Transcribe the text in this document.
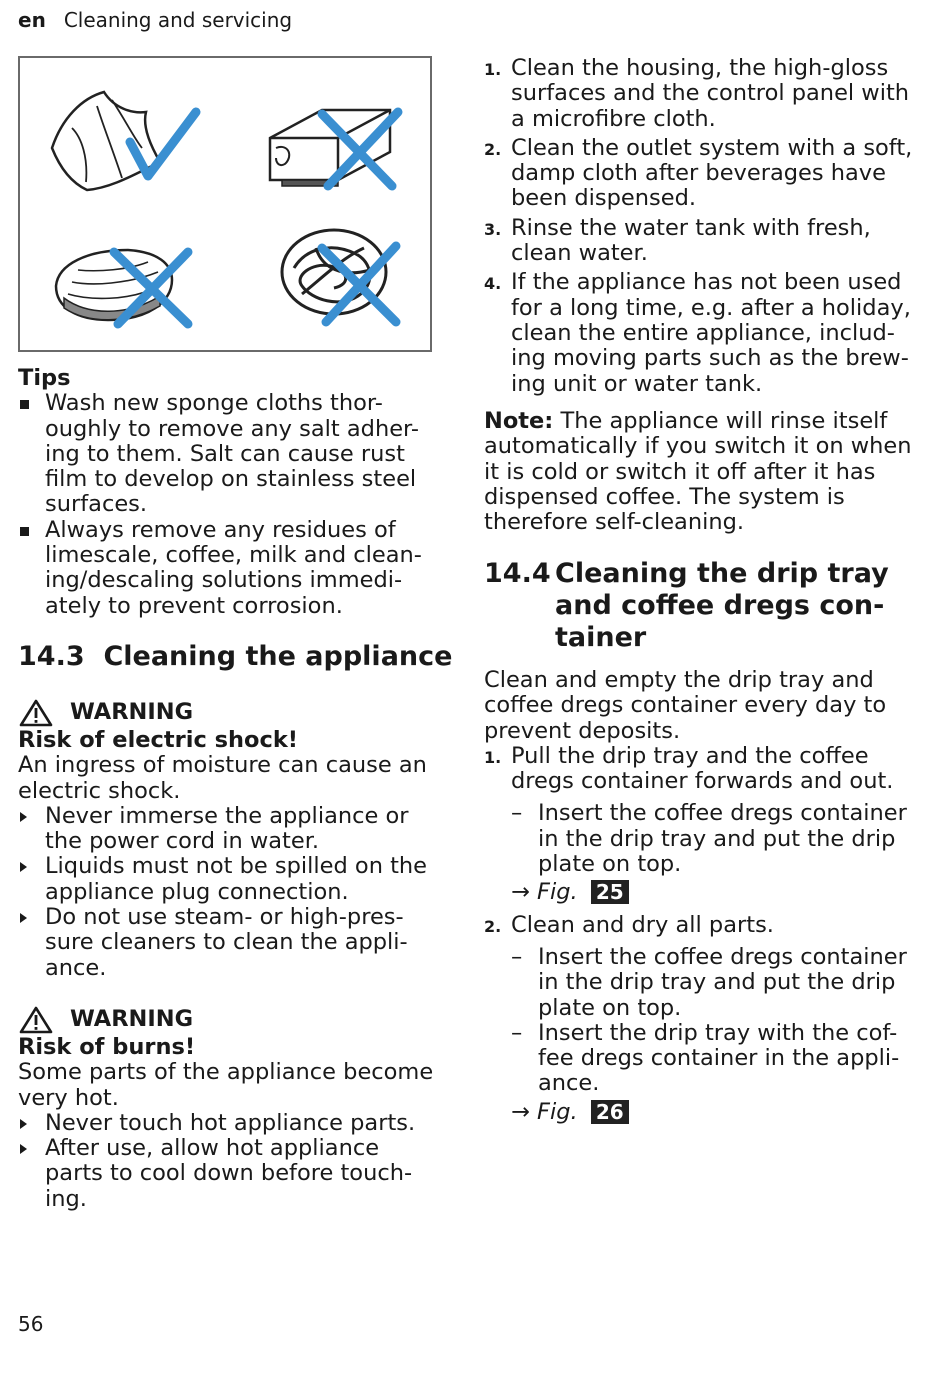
en Cleaning and servicing
Tips
Wash new sponge cloths thor-
oughly to remove any salt adher-
ing to them. Salt can cause rust
film to develop on stainless steel
surfaces.
Always remove any residues of
limescale, coffee, milk and clean-
ing/descaling solutions immedi-
ately to prevent corrosion.
14.3 Cleaning the appliance
WARNING
Risk of electric shock!
An ingress of moisture can cause an
electric shock.
Never immerse the appliance or
the power cord in water.
Liquids must not be spilled on the
appliance plug connection.
Do not use steam- or high-pres-
sure cleaners to clean the appli-
ance.
WARNING
Risk of burns!
Some parts of the appliance become
very hot.
Never touch hot appliance parts.
After use, allow hot appliance
parts to cool down before touch-
ing.
1. Clean the housing, the high-gloss
surfaces and the control panel with
a microfibre cloth.
2. Clean the outlet system with a soft,
damp cloth after beverages have
been dispensed.
3. Rinse the water tank with fresh,
clean water.
4. If the appliance has not been used
for a long time, e.g. after a holiday,
clean the entire appliance, includ-
ing moving parts such as the brew-
ing unit or water tank.
Note: The appliance will rinse itself
automatically if you switch it on when
it is cold or switch it off after it has
dispensed coffee. The system is
therefore self-cleaning.
14.4 Cleaning the drip tray
and coffee dregs con-
tainer
Clean and empty the drip tray and
coffee dregs container every day to
prevent deposits.
1. Pull the drip tray and the coffee
dregs container forwards and out.
– Insert the coffee dregs container
in the drip tray and put the drip
plate on top.
→ Fig. 25
2. Clean and dry all parts.
– Insert the coffee dregs container
in the drip tray and put the drip
plate on top.
– Insert the drip tray with the cof-
fee dregs container in the appli-
ance.
→ Fig. 26
56
